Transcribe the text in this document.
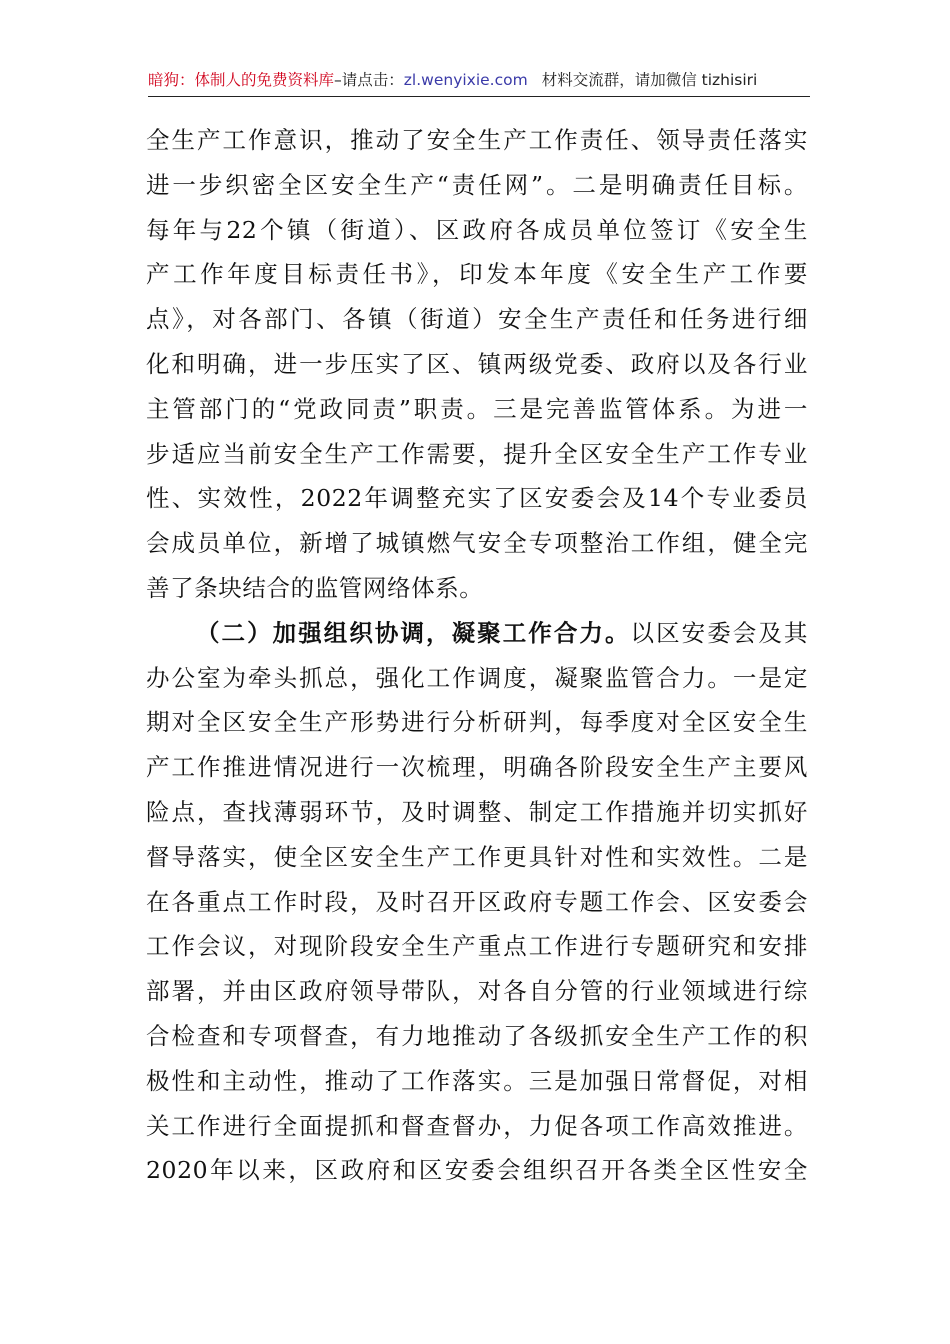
暗狗：体制人的免费资料库–请点击：zl.wenyixie.com 材料交流群，请加微信 tizhisiri
全生产工作意识，推动了安全生产工作责任、领导责任落实
进一步织密全区安全生产“责任网”。二是明确责任目标。
每年与22个镇（街道）、区政府各成员单位签订《安全生
产工作年度目标责任书》，印发本年度《安全生产工作要
点》，对各部门、各镇（街道）安全生产责任和任务进行细
化和明确，进一步压实了区、镇两级党委、政府以及各行业
主管部门的“党政同责”职责。三是完善监管体系。为进一
步适应当前安全生产工作需要，提升全区安全生产工作专业
性、实效性，2022年调整充实了区安委会及14个专业委员
会成员单位，新增了城镇燃气安全专项整治工作组，健全完
善了条块结合的监管网络体系。
（二）加强组织协调，凝聚工作合力。以区安委会及其
办公室为牵头抓总，强化工作调度，凝聚监管合力。一是定
期对全区安全生产形势进行分析研判，每季度对全区安全生
产工作推进情况进行一次梳理，明确各阶段安全生产主要风
险点，查找薄弱环节，及时调整、制定工作措施并切实抓好
督导落实，使全区安全生产工作更具针对性和实效性。二是
在各重点工作时段，及时召开区政府专题工作会、区安委会
工作会议，对现阶段安全生产重点工作进行专题研究和安排
部署，并由区政府领导带队，对各自分管的行业领域进行综
合检查和专项督查，有力地推动了各级抓安全生产工作的积
极性和主动性，推动了工作落实。三是加强日常督促，对相
关工作进行全面提抓和督查督办，力促各项工作高效推进。
2020年以来，区政府和区安委会组织召开各类全区性安全
